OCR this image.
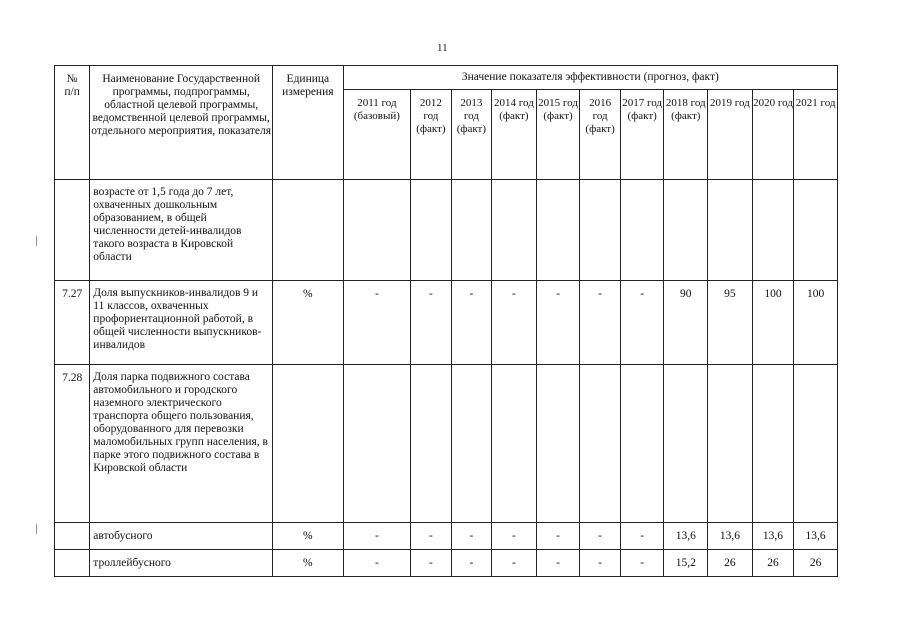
11
№
п/п	Наименование Государственной программы, подпрограммы, областной целевой программы, ведомственной целевой программы, отдельного мероприятия, показателя	Единица измерения	Значение показателя эффективности (прогноз, факт)										
			2011 год (базовый)	2012 год (факт)	2013 год (факт)	2014 год (факт)	2015 год (факт)	2016 год (факт)	2017 год (факт)	2018 год (факт)	2019 год	2020 год	2021 год
	возрасте от 1,5 года до 7 лет, охваченных дошкольным образованием, в общей численности детей-инвалидов такого возраста в Кировской области												
7.27	Доля выпускников-инвалидов 9 и 11 классов, охваченных профориентационной работой, в общей численности выпускников-инвалидов	%	-	-	-	-	-	-	-	90	95	100	100
7.28	Доля парка подвижного состава автомобильного и городского наземного электрического транспорта общего пользования, оборудованного для перевозки маломобильных групп населения, в парке этого подвижного состава в Кировской области												
	автобусного	%	-	-	-	-	-	-	-	13,6	13,6	13,6	13,6
	троллейбусного	%	-	-	-	-	-	-	-	15,2	26	26	26
